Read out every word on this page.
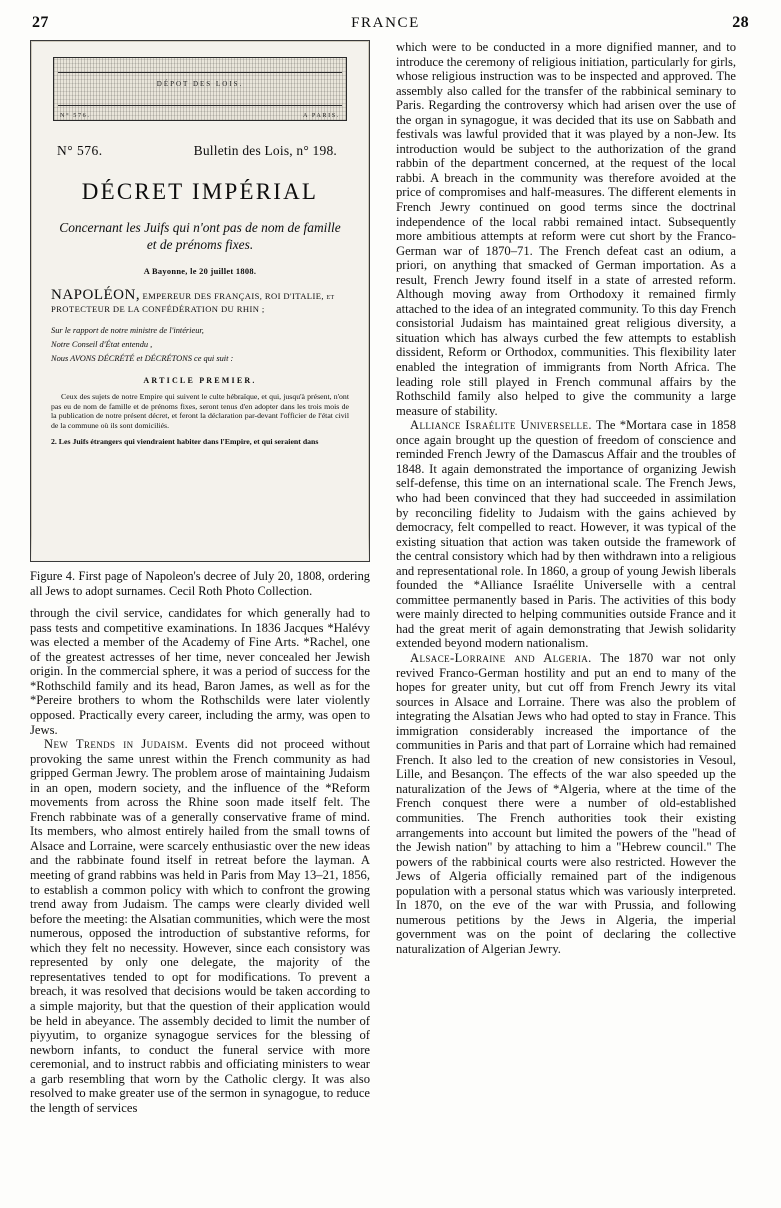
27	FRANCE	28
DÉPOT DES LOIS.
N° 576.	A PARIS.
N° 576.	Bulletin des Lois, n° 198.
DÉCRET IMPÉRIAL
Concernant les Juifs qui n'ont pas de nom de famille et de prénoms fixes.
A Bayonne, le 20 juillet 1808.
NAPOLÉON, EMPEREUR DES FRANÇAIS, ROI D'ITALIE, et PROTECTEUR DE LA CONFÉDÉRATION DU RHIN ;
Sur le rapport de notre ministre de l'intérieur,
Notre Conseil d'État entendu ,
Nous AVONS DÉCRÉTÉ et DÉCRÉTONS ce qui suit :
ARTICLE PREMIER.
Ceux des sujets de notre Empire qui suivent le culte hébraïque, et qui, jusqu'à présent, n'ont pas eu de nom de famille et de prénoms fixes, seront tenus d'en adopter dans les trois mois de la publication de notre présent décret, et feront la déclaration par-devant l'officier de l'état civil de la commune où ils sont domiciliés.
2. Les Juifs étrangers qui viendraient habiter dans l'Empire, et qui seraient dans
Figure 4. First page of Napoleon's decree of July 20, 1808, ordering all Jews to adopt surnames. Cecil Roth Photo Collection.

through the civil service, candidates for which generally had to pass tests and competitive examinations. In 1836 Jacques *Halévy was elected a member of the Academy of Fine Arts. *Rachel, one of the greatest actresses of her time, never concealed her Jewish origin. In the commercial sphere, it was a period of success for the *Rothschild family and its head, Baron James, as well as for the *Pereire brothers to whom the Rothschilds were later violently opposed. Practically every career, including the army, was open to Jews.

New Trends in Judaism. Events did not proceed without provoking the same unrest within the French community as had gripped German Jewry. The problem arose of maintaining Judaism in an open, modern society, and the influence of the *Reform movements from across the Rhine soon made itself felt. The French rabbinate was of a generally conservative frame of mind. Its members, who almost entirely hailed from the small towns of Alsace and Lorraine, were scarcely enthusiastic over the new ideas and the rabbinate found itself in retreat before the layman. A meeting of grand rabbins was held in Paris from May 13–21, 1856, to establish a common policy with which to confront the growing trend away from Judaism. The camps were clearly divided well before the meeting: the Alsatian communities, which were the most numerous, opposed the introduction of substantive reforms, for which they felt no necessity. However, since each consistory was represented by only one delegate, the majority of the representatives tended to opt for modifications. To prevent a breach, it was resolved that decisions would be taken according to a simple majority, but that the question of their application would be held in abeyance. The assembly decided to limit the number of piyyutim, to organize synagogue services for the blessing of newborn infants, to conduct the funeral service with more ceremonial, and to instruct rabbis and officiating ministers to wear a garb resembling that worn by the Catholic clergy. It was also resolved to make greater use of the sermon in synagogue, to reduce the length of services

which were to be conducted in a more dignified manner, and to introduce the ceremony of religious initiation, particularly for girls, whose religious instruction was to be inspected and approved. The assembly also called for the transfer of the rabbinical seminary to Paris. Regarding the controversy which had arisen over the use of the organ in synagogue, it was decided that its use on Sabbath and festivals was lawful provided that it was played by a non-Jew. Its introduction would be subject to the authorization of the grand rabbin of the department concerned, at the request of the local rabbi. A breach in the community was therefore avoided at the price of compromises and half-measures. The different elements in French Jewry continued on good terms since the doctrinal independence of the local rabbi remained intact. Subsequently more ambitious attempts at reform were cut short by the Franco-German war of 1870–71. The French defeat cast an odium, a priori, on anything that smacked of German importation. As a result, French Jewry found itself in a state of arrested reform. Although moving away from Orthodoxy it remained firmly attached to the idea of an integrated community. To this day French consistorial Judaism has maintained great religious diversity, a situation which has always curbed the few attempts to establish dissident, Reform or Orthodox, communities. This flexibility later enabled the integration of immigrants from North Africa. The leading role still played in French communal affairs by the Rothschild family also helped to give the community a large measure of stability.

Alliance Israélite Universelle. The *Mortara case in 1858 once again brought up the question of freedom of conscience and reminded French Jewry of the Damascus Affair and the troubles of 1848. It again demonstrated the importance of organizing Jewish self-defense, this time on an international scale. The French Jews, who had been convinced that they had succeeded in assimilation by reconciling fidelity to Judaism with the gains achieved by democracy, felt compelled to react. However, it was typical of the existing situation that action was taken outside the framework of the central consistory which had by then withdrawn into a religious and representational role. In 1860, a group of young Jewish liberals founded the *Alliance Israélite Universelle with a central committee permanently based in Paris. The activities of this body were mainly directed to helping communities outside France and it had the great merit of again demonstrating that Jewish solidarity extended beyond modern nationalism.

Alsace-Lorraine and Algeria. The 1870 war not only revived Franco-German hostility and put an end to many of the hopes for greater unity, but cut off from French Jewry its vital sources in Alsace and Lorraine. There was also the problem of integrating the Alsatian Jews who had opted to stay in France. This immigration considerably increased the importance of the communities in Paris and that part of Lorraine which had remained French. It also led to the creation of new consistories in Vesoul, Lille, and Besançon. The effects of the war also speeded up the naturalization of the Jews of *Algeria, where at the time of the French conquest there were a number of old-established communities. The French authorities took their existing arrangements into account but limited the powers of the "head of the Jewish nation" by attaching to him a "Hebrew council." The powers of the rabbinical courts were also restricted. However the Jews of Algeria officially remained part of the indigenous population with a personal status which was variously interpreted. In 1870, on the eve of the war with Prussia, and following numerous petitions by the Jews in Algeria, the imperial government was on the point of declaring the collective naturalization of Algerian Jewry.
